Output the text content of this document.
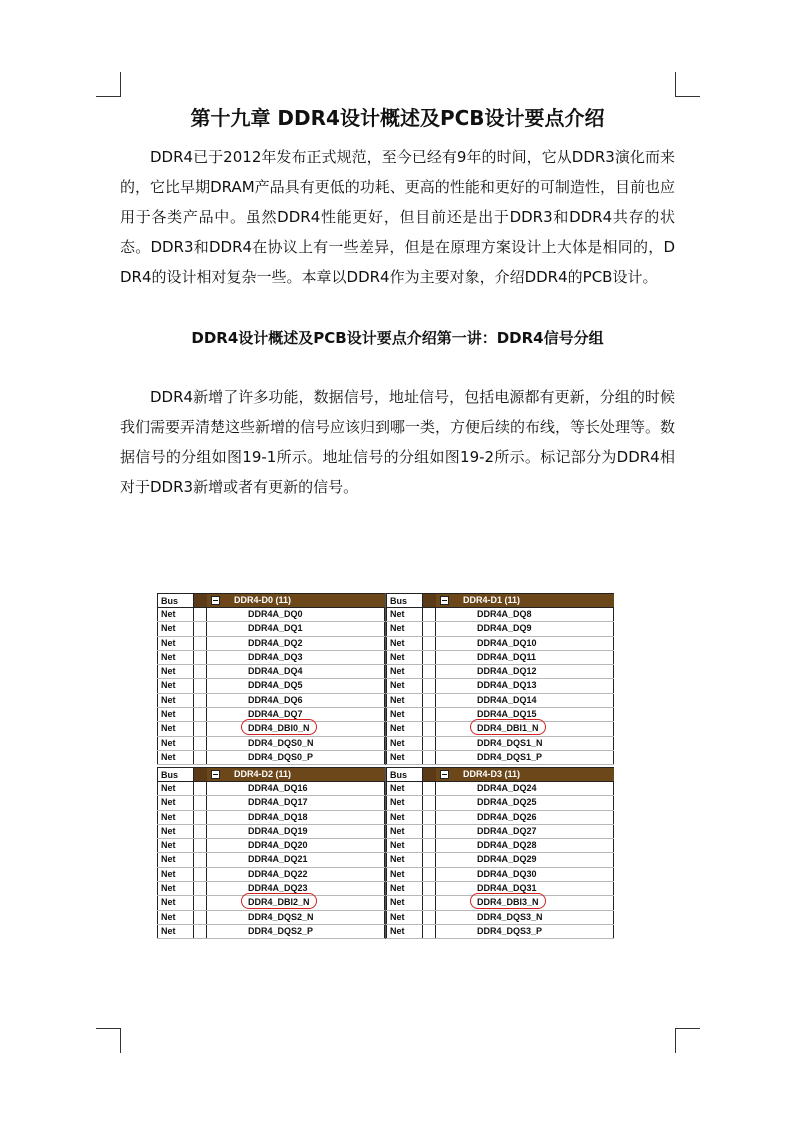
第十九章 DDR4设计概述及PCB设计要点介绍

DDR4已于2012年发布正式规范，至今已经有9年的时间，它从DDR3演化而来的，它比早期DRAM产品具有更低的功耗、更高的性能和更好的可制造性，目前也应用于各类产品中。虽然DDR4性能更好，但目前还是出于DDR3和DDR4共存的状态。DDR3和DDR4在协议上有一些差异，但是在原理方案设计上大体是相同的，DDR4的设计相对复杂一些。本章以DDR4作为主要对象，介绍DDR4的PCB设计。

DDR4设计概述及PCB设计要点介绍第一讲：DDR4信号分组

DDR4新增了许多功能，数据信号，地址信号，包括电源都有更新，分组的时候我们需要弄清楚这些新增的信号应该归到哪一类，方便后续的布线，等长处理等。数据信号的分组如图19-1所示。地址信号的分组如图19-2所示。标记部分为DDR4相对于DDR3新增或者有更新的信号。

Bus	DDR4-D0 (11)
Net	DDR4A_DQ0
Net	DDR4A_DQ1
Net	DDR4A_DQ2
Net	DDR4A_DQ3
Net	DDR4A_DQ4
Net	DDR4A_DQ5
Net	DDR4A_DQ6
Net	DDR4A_DQ7
Net	DDR4_DBI0_N
Net	DDR4_DQS0_N
Net	DDR4_DQS0_P
Bus	DDR4-D1 (11)
Net	DDR4A_DQ8
Net	DDR4A_DQ9
Net	DDR4A_DQ10
Net	DDR4A_DQ11
Net	DDR4A_DQ12
Net	DDR4A_DQ13
Net	DDR4A_DQ14
Net	DDR4A_DQ15
Net	DDR4_DBI1_N
Net	DDR4_DQS1_N
Net	DDR4_DQS1_P
Bus	DDR4-D2 (11)
Net	DDR4A_DQ16
Net	DDR4A_DQ17
Net	DDR4A_DQ18
Net	DDR4A_DQ19
Net	DDR4A_DQ20
Net	DDR4A_DQ21
Net	DDR4A_DQ22
Net	DDR4A_DQ23
Net	DDR4_DBI2_N
Net	DDR4_DQS2_N
Net	DDR4_DQS2_P
Bus	DDR4-D3 (11)
Net	DDR4A_DQ24
Net	DDR4A_DQ25
Net	DDR4A_DQ26
Net	DDR4A_DQ27
Net	DDR4A_DQ28
Net	DDR4A_DQ29
Net	DDR4A_DQ30
Net	DDR4A_DQ31
Net	DDR4_DBI3_N
Net	DDR4_DQS3_N
Net	DDR4_DQS3_P
